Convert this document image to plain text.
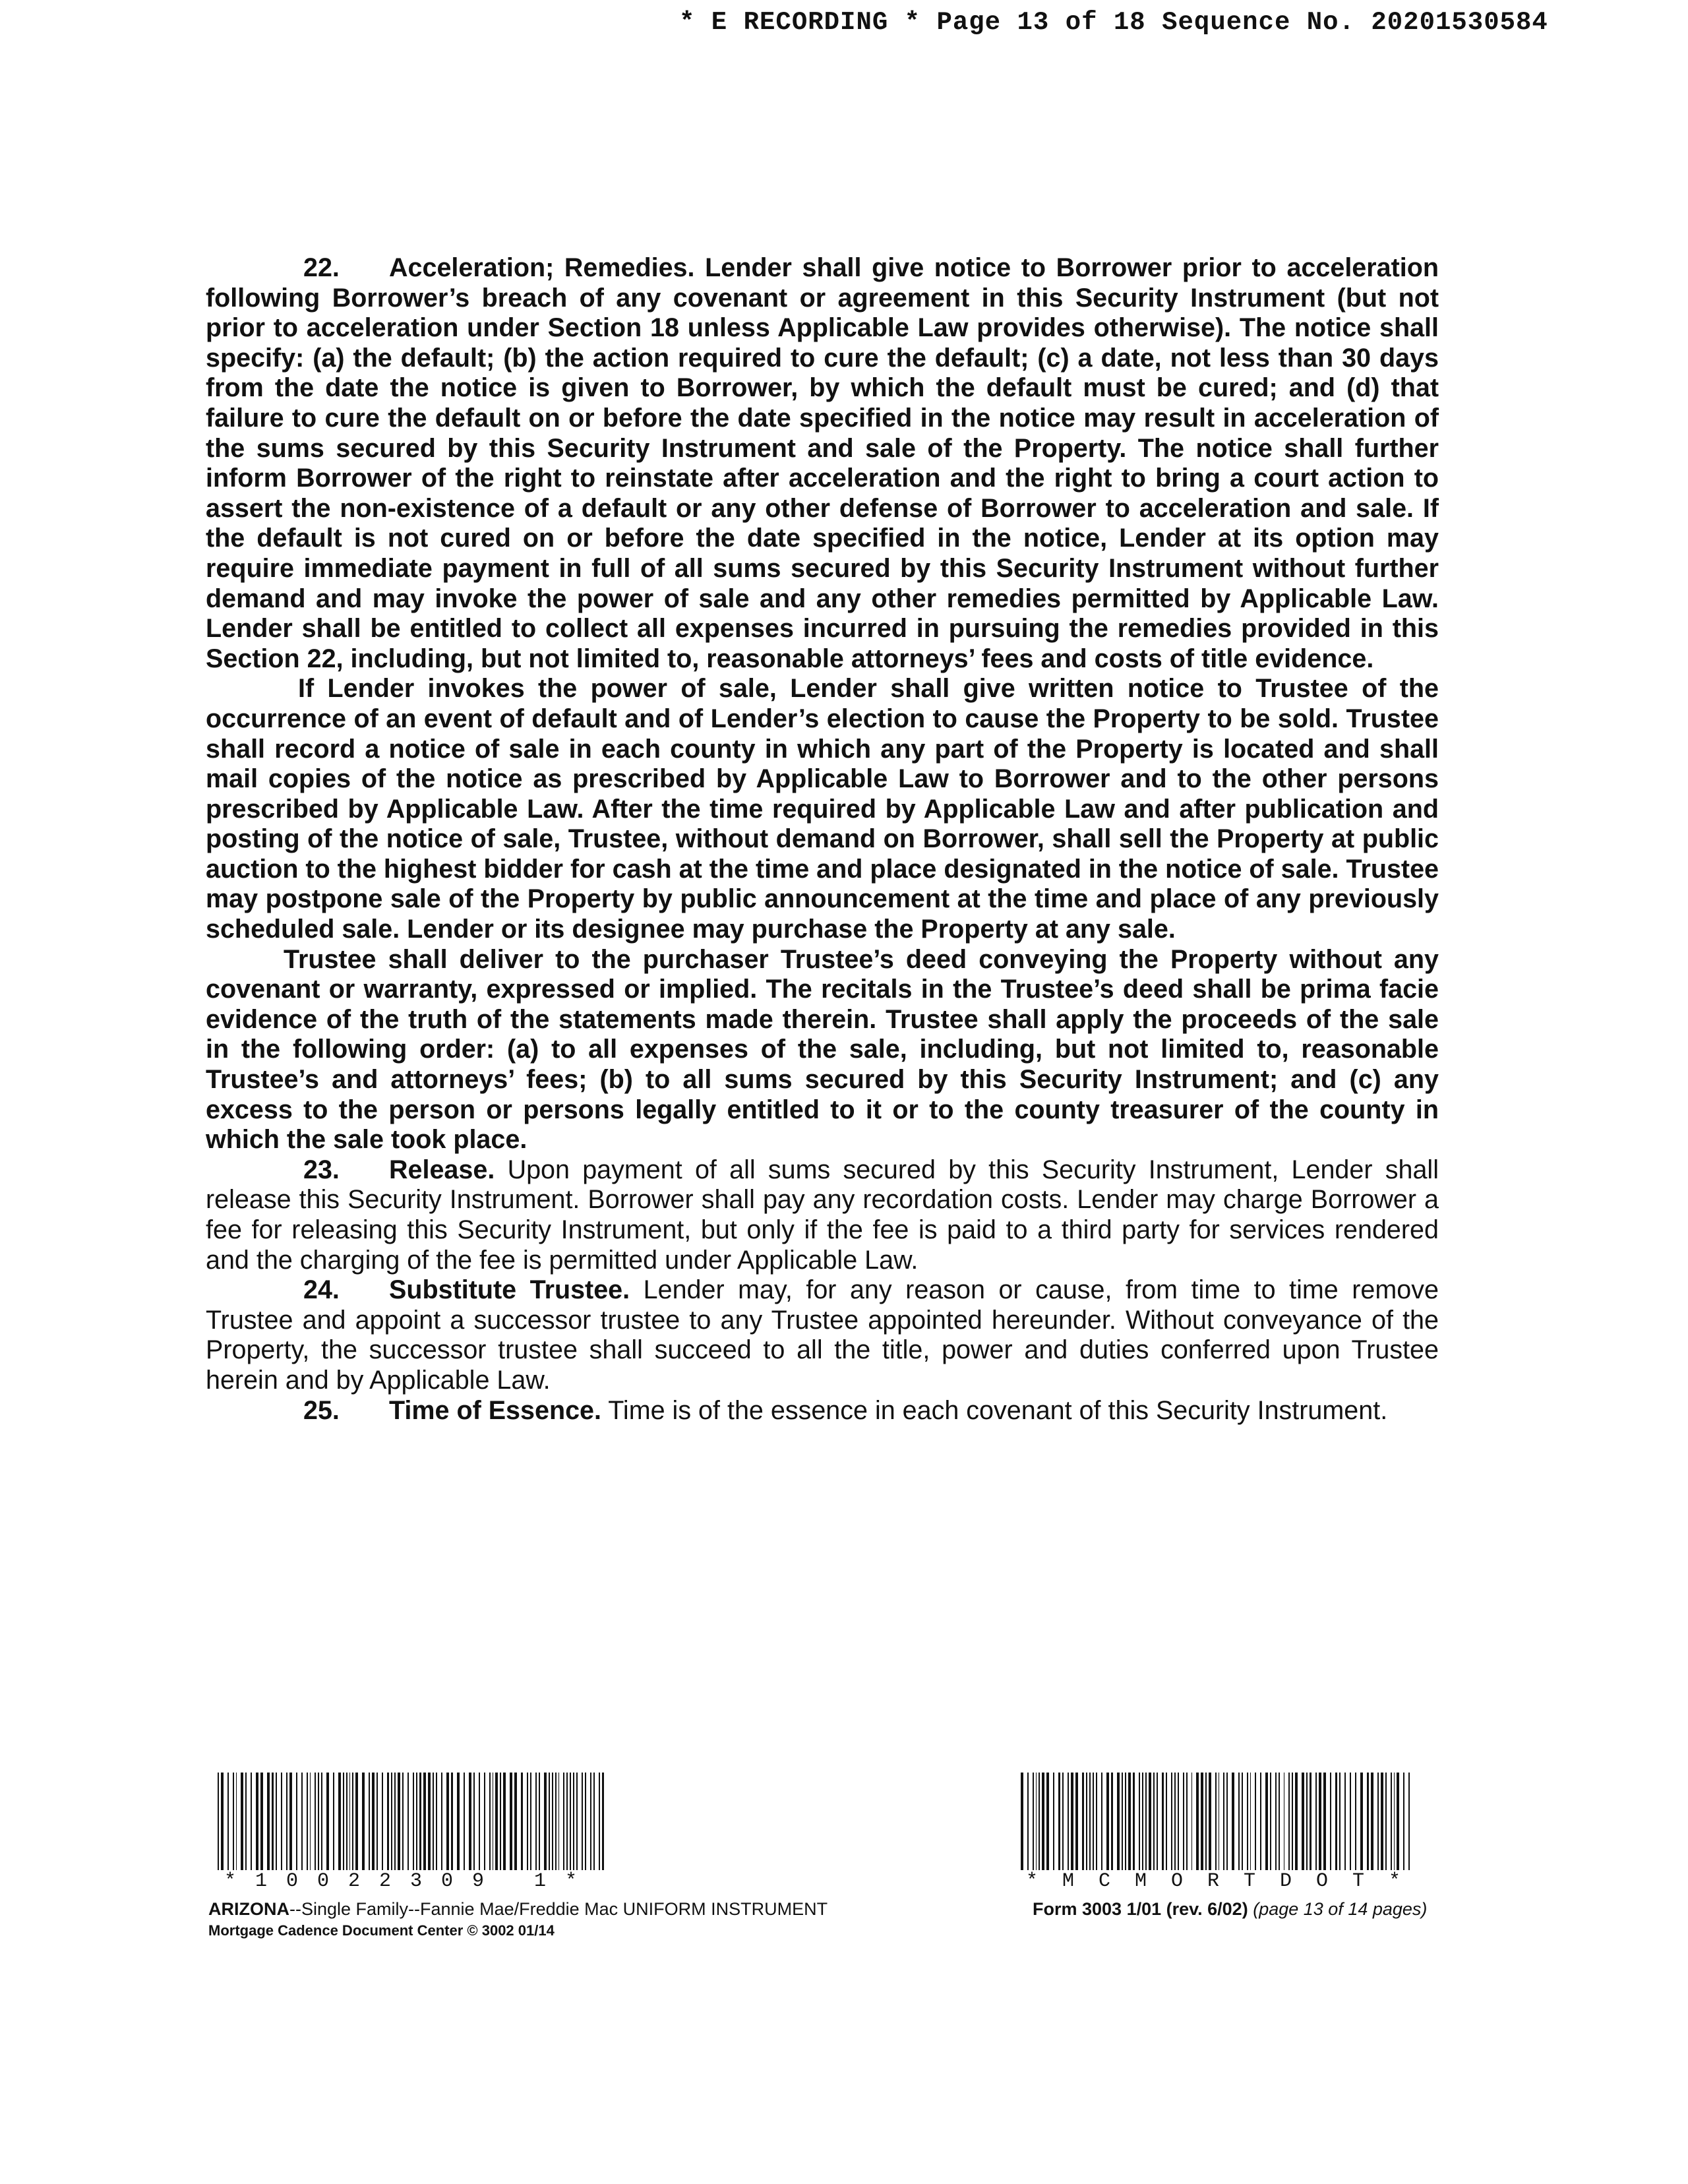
* E RECORDING * Page 13 of 18 Sequence No. 20201530584

22. Acceleration; Remedies. Lender shall give notice to Borrower prior to acceleration following Borrower’s breach of any covenant or agreement in this Security Instrument (but not prior to acceleration under Section 18 unless Applicable Law provides otherwise). The notice shall specify: (a) the default; (b) the action required to cure the default; (c) a date, not less than 30 days from the date the notice is given to Borrower, by which the default must be cured; and (d) that failure to cure the default on or before the date specified in the notice may result in acceleration of the sums secured by this Security Instrument and sale of the Property. The notice shall further inform Borrower of the right to reinstate after acceleration and the right to bring a court action to assert the non-existence of a default or any other defense of Borrower to acceleration and sale. If the default is not cured on or before the date specified in the notice, Lender at its option may require immediate payment in full of all sums secured by this Security Instrument without further demand and may invoke the power of sale and any other remedies permitted by Applicable Law. Lender shall be entitled to collect all expenses incurred in pursuing the remedies provided in this Section 22, including, but not limited to, reasonable attorneys’ fees and costs of title evidence.

If Lender invokes the power of sale, Lender shall give written notice to Trustee of the occurrence of an event of default and of Lender’s election to cause the Property to be sold. Trustee shall record a notice of sale in each county in which any part of the Property is located and shall mail copies of the notice as prescribed by Applicable Law to Borrower and to the other persons prescribed by Applicable Law. After the time required by Applicable Law and after publication and posting of the notice of sale, Trustee, without demand on Borrower, shall sell the Property at public auction to the highest bidder for cash at the time and place designated in the notice of sale. Trustee may postpone sale of the Property by public announcement at the time and place of any previously scheduled sale. Lender or its designee may purchase the Property at any sale.

Trustee shall deliver to the purchaser Trustee’s deed conveying the Property without any covenant or warranty, expressed or implied. The recitals in the Trustee’s deed shall be prima facie evidence of the truth of the statements made therein. Trustee shall apply the proceeds of the sale in the following order: (a) to all expenses of the sale, including, but not limited to, reasonable Trustee’s and attorneys’ fees; (b) to all sums secured by this Security Instrument; and (c) any excess to the person or persons legally entitled to it or to the county treasurer of the county in which the sale took place.

23. Release. Upon payment of all sums secured by this Security Instrument, Lender shall release this Security Instrument. Borrower shall pay any recordation costs. Lender may charge Borrower a fee for releasing this Security Instrument, but only if the fee is paid to a third party for services rendered and the charging of the fee is permitted under Applicable Law.

24. Substitute Trustee. Lender may, for any reason or cause, from time to time remove Trustee and appoint a successor trustee to any Trustee appointed hereunder. Without conveyance of the Property, the successor trustee shall succeed to all the title, power and duties conferred upon Trustee herein and by Applicable Law.

25. Time of Essence. Time is of the essence in each covenant of this Security Instrument.

*10022309 1*	*MCMORTDOT*
ARIZONA--Single Family--Fannie Mae/Freddie Mac UNIFORM INSTRUMENT
Mortgage Cadence Document Center © 3002 01/14
Form 3003 1/01 (rev. 6/02) (page 13 of 14 pages)
